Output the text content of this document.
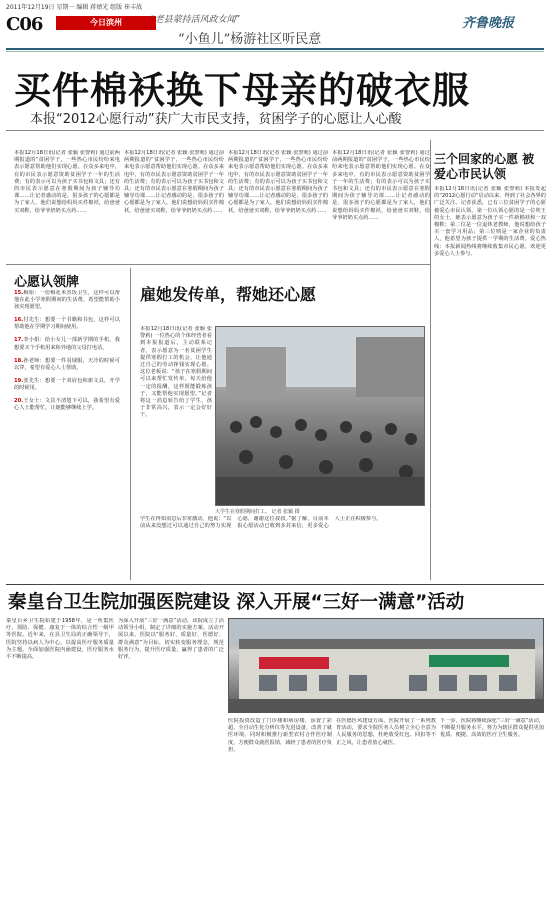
2011年12月19日 星期一 编辑 蒋婧光 组版 崔丰战
C06	今日滨州	“老县蒙持活风政女闻”
“小鱼儿”杨游社区听民意
齐鲁晚报
买件棉袄换下母亲的破衣服
本报“2012心愿行动”获广大市民支持，贫困学子的心愿让人心酸
本报12月18日讯(记者 张颖 张警莉) 通过前两期报道的“贫困学子，一些热心市民纷纷来电表示愿意帮助他们实现心愿。在众多来电中，有的市民表示愿意资助贫困学子一年的生活费；有的表示可以为孩子买书包和文具；还有的市民表示愿意在寒假期间为孩子辅导功课……让记者感动的是，很多孩子的心愿都是为了家人，他们说想给妈妈买件棉袄，给爸爸买双鞋，给爷爷奶奶买点药……
本报12月18日讯(记者 张颖 张警莉) 通过前两期报道的“贫困学子，一些热心市民纷纷来电表示愿意帮助他们实现心愿。在众多来电中，有的市民表示愿意资助贫困学子一年的生活费；有的表示可以为孩子买书包和文具；还有的市民表示愿意在寒假期间为孩子辅导功课……让记者感动的是，很多孩子的心愿都是为了家人，他们说想给妈妈买件棉袄，给爸爸买双鞋，给爷爷奶奶买点药……
本报12月18日讯(记者 张颖 张警莉) 通过前两期报道的“贫困学子，一些热心市民纷纷来电表示愿意帮助他们实现心愿。在众多来电中，有的市民表示愿意资助贫困学子一年的生活费；有的表示可以为孩子买书包和文具；还有的市民表示愿意在寒假期间为孩子辅导功课……让记者感动的是，很多孩子的心愿都是为了家人，他们说想给妈妈买件棉袄，给爸爸买双鞋，给爷爷奶奶买点药……
本报12月18日讯(记者 张颖 张警莉) 通过前两期报道的“贫困学子，一些热心市民纷纷来电表示愿意帮助他们实现心愿。在众多来电中，有的市民表示愿意资助贫困学子一年的生活费；有的表示可以为孩子买书包和文具；还有的市民表示愿意在寒假期间为孩子辅导功课……让记者感动的是，很多孩子的心愿都是为了家人，他们说想给妈妈买件棉袄，给爸爸买双鞋，给爷爷奶奶买点药……
心愿认领牌

15.梅姐：一份梅花米香饭卫生，这样可以帮他在此小学寒假期间的生活费，希望能帮助小孩实现愿望。

16.付先生：想要一个书籍和书包，这样可以帮助他在学期学习期间使用。

17.李小姐：给小女儿一部新学期的手机，我想要买个手机用来和外地的父母打电话。

18.孙老师：想要一件羽绒服，天冷的时候可以穿，希望有爱心人士帮助。

19.张先生：想要一个双肩包和新文具，开学的时候用。

20.王女士：文具不清楚下可以，我希望有爱心人士能帮忙，让她能够继续上学。

雇她发传单，帮她还心愿
本报12月18日讯(记者 张颖 张警莉) 一位热心的个体经营者看到本报报道后，主动联系记者，表示愿意为一名贫困学生提供寒假打工的机会，让他通过自己的劳动挣钱实现心愿。这位老板说：“孩子在寒假期间可以来帮忙发传单，每天给他一定的报酬，这样既能锻炼孩子，又能帮他实现愿望。”记者将这一消息转告给了学生，孩子非常高兴，表示一定会好好干。
大学生在寒假期间打工。 记者 张颖 摄
学生在得知消息后非常激动，他说：“以前从来没想过可以通过自己的努力实现心愿，谢谢这位叔叔。”据了解，目前本报心愿活动已收到多封来信，更多爱心人士正在积极参与。
三个回家的心愿 被爱心市民认领
本报12月18日讯(记者 张颖 张警莉) 本报发起的“2012心愿行动”启动以来，得到了社会各界的广泛关注。记者获悉，已有三位贫困学子的心愿被爱心市民认领。第一位认领心愿的是一位姓王的女士，她表示愿意为孩子买一件新棉袄和一双棉鞋；第二位是一位退休老教师，他说想给孩子买一套学习用品；第三位则是一家企业的负责人，他希望为孩子提供一学期的生活费。爱心热线：本报新闻热线将继续收集市民心愿，欢迎更多爱心人士参与。
秦皇台卫生院加强医院建设 深入开展“三好一满意”活动
秦皇台乡卫生院始建于1958年，是一所集医疗、预防、保健、康复于一体的综合性一级甲等医院。近年来，在县卫生局的正确领导下，医院坚持以病人为中心，以提高医疗服务质量为主题，全面加强医院内涵建设，医疗服务水平不断提高。
为深入开展“三好一满意”活动，该院成立了活动领导小组，制定了详细的实施方案。活动开展以来，医院以“服务好、质量好、医德好、群众满意”为目标，切实转变服务理念，规范服务行为，提升医疗质量，赢得了患者的广泛好评。
医院投资改造了门诊楼和病房楼，添置了彩超、全自动生化分析仪等先进设备，改善了就医环境。同时积极推行新型农村合作医疗制度，方便群众就医报销，减轻了患者的医疗负担。
在医德医风建设方面，医院开展了一系列教育活动，要求全院医务人员树立全心全意为人民服务的思想，杜绝收受红包、回扣等不正之风，让患者放心就医。
下一步，医院将继续深化“三好一满意”活动，不断提升服务水平，努力为辖区群众提供更加优质、便捷、高效的医疗卫生服务。
